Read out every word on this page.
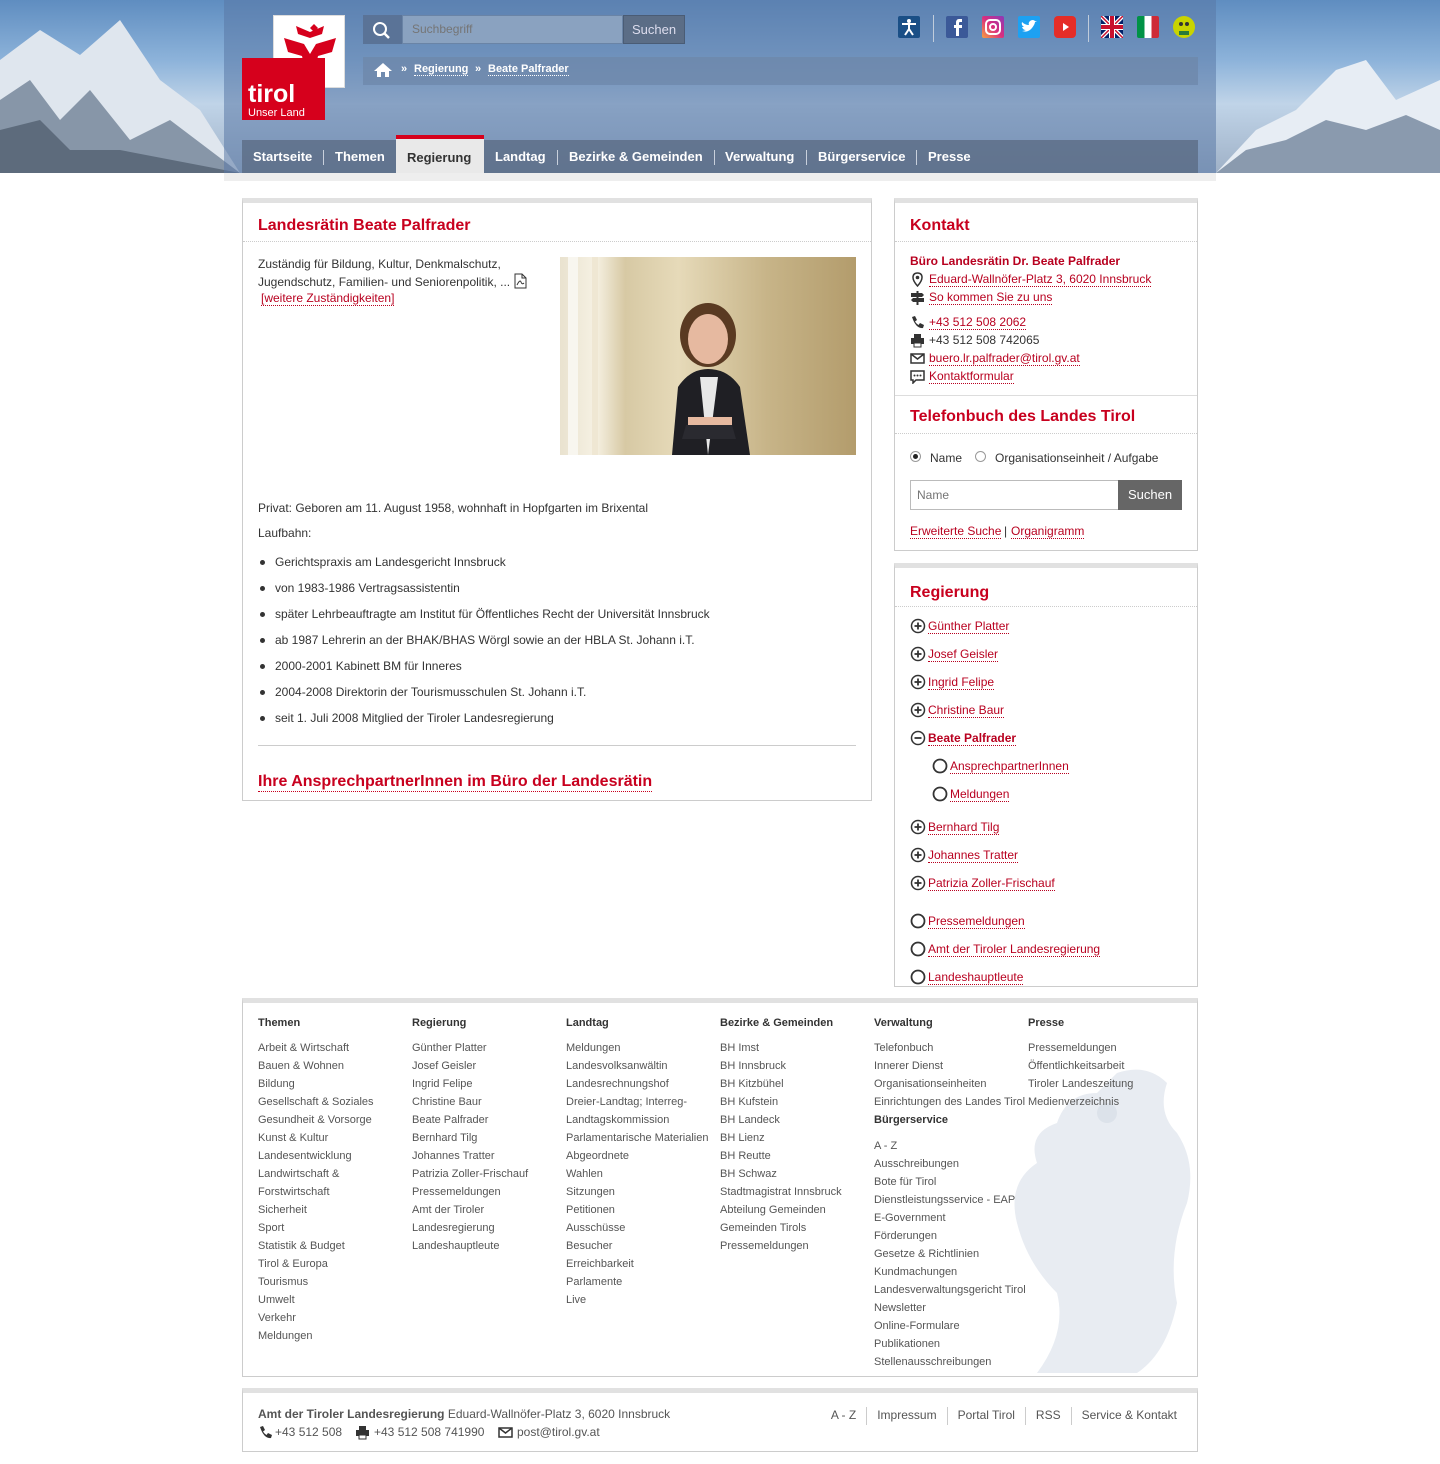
tirol
Unser Land
Suchbegriff
Suchen
» Regierung » Beate Palfrader
Startseite	Themen	Regierung	Landtag	Bezirke & Gemeinden	Verwaltung	Bürgerservice	Presse
Landesrätin Beate Palfrader

Zuständig für Bildung, Kultur, Denkmalschutz, Jugendschutz, Familien- und Seniorenpolitik, ...

[weitere Zuständigkeiten]

Privat: Geboren am 11. August 1958, wohnhaft in Hopfgarten im Brixental

Laufbahn:

Gerichtspraxis am Landesgericht Innsbruck

von 1983-1986 Vertragsassistentin

später Lehrbeauftragte am Institut für Öffentliches Recht der Universität Innsbruck

ab 1987 Lehrerin an der BHAK/BHAS Wörgl sowie an der HBLA St. Johann i.T.

2000-2001 Kabinett BM für Inneres

2004-2008 Direktorin der Tourismusschulen St. Johann i.T.

seit 1. Juli 2008 Mitglied der Tiroler Landesregierung

Ihre AnsprechpartnerInnen im Büro der Landesrätin
Kontakt
Büro Landesrätin Dr. Beate Palfrader
Eduard-Wallnöfer-Platz 3, 6020 Innsbruck
So kommen Sie zu uns
+43 512 508 2062
+43 512 508 742065
buero.lr.palfrader@tirol.gv.at
Kontaktformular
Telefonbuch des Landes Tirol
Name	Organisationseinheit / Aufgabe
Name
Suchen
Erweiterte Suche | Organigramm
Regierung
Günther Platter
Josef Geisler
Ingrid Felipe
Christine Baur
Beate Palfrader
AnsprechpartnerInnen
Meldungen
Bernhard Tilg
Johannes Tratter
Patrizia Zoller-Frischauf
Pressemeldungen
Amt der Tiroler Landesregierung
Landeshauptleute
Themen
Arbeit & Wirtschaft
Bauen & Wohnen
Bildung
Gesellschaft & Soziales
Gesundheit & Vorsorge
Kunst & Kultur
Landesentwicklung
Landwirtschaft &
Forstwirtschaft
Sicherheit
Sport
Statistik & Budget
Tirol & Europa
Tourismus
Umwelt
Verkehr
Meldungen
Regierung
Günther Platter
Josef Geisler
Ingrid Felipe
Christine Baur
Beate Palfrader
Bernhard Tilg
Johannes Tratter
Patrizia Zoller-Frischauf
Pressemeldungen
Amt der Tiroler
Landesregierung
Landeshauptleute
Landtag
Meldungen
Landesvolksanwältin
Landesrechnungshof
Dreier-Landtag; Interreg-
Landtagskommission
Parlamentarische Materialien
Abgeordnete
Wahlen
Sitzungen
Petitionen
Ausschüsse
Besucher
Erreichbarkeit
Parlamente
Live
Bezirke & Gemeinden
BH Imst
BH Innsbruck
BH Kitzbühel
BH Kufstein
BH Landeck
BH Lienz
BH Reutte
BH Schwaz
Stadtmagistrat Innsbruck
Abteilung Gemeinden
Gemeinden Tirols
Pressemeldungen
Verwaltung
Telefonbuch
Innerer Dienst
Organisationseinheiten
Einrichtungen des Landes Tirol
Bürgerservice
A - Z
Ausschreibungen
Bote für Tirol
Dienstleistungsservice - EAP
E-Government
Förderungen
Gesetze & Richtlinien
Kundmachungen
Landesverwaltungsgericht Tirol
Newsletter
Online-Formulare
Publikationen
Stellenausschreibungen
Presse
Pressemeldungen
Öffentlichkeitsarbeit
Tiroler Landeszeitung
Medienverzeichnis
Amt der Tiroler Landesregierung Eduard-Wallnöfer-Platz 3, 6020 Innsbruck
+43 512 508	+43 512 508 741990	post@tirol.gv.at
A - Z Impressum Portal Tirol RSS Service & Kontakt
